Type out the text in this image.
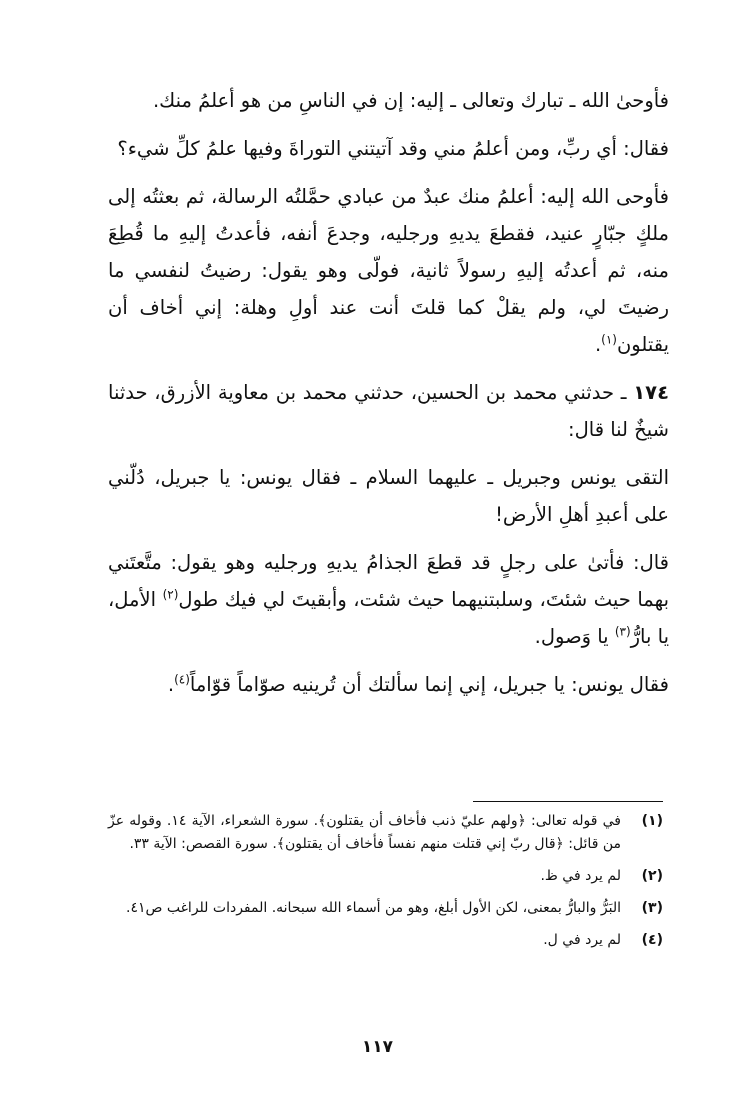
فأوحىٰ الله ـ تبارك وتعالى ـ إليه: إن في الناسِ من هو أعلمُ منك.

فقال: أي ربِّ، ومن أعلمُ مني وقد آتيتني التوراةَ وفيها علمُ كلِّ شيء؟

فأوحى الله إليه: أعلمُ منك عبدٌ من عبادي حمَّلتُه الرسالة، ثم بعثتُه إلى ملكٍ جبّارٍ عنيد، فقطعَ يديهِ ورجليه، وجدعَ أنفه، فأعدتُ إليهِ ما قُطِعَ منه، ثم أعدتُه إليهِ رسولاً ثانية، فولّى وهو يقول: رضيتُ لنفسي ما رضيتَ لي، ولم يقلْ كما قلتَ أنت عند أولِ وهلة: إني أخاف أن يقتلون$^{(١)}$.

١٧٤ ـ حدثني محمد بن الحسين، حدثني محمد بن معاوية الأزرق، حدثنا شيخٌ لنا قال:

التقى يونس وجبريل ـ عليهما السلام ـ فقال يونس: يا جبريل، دُلّني على أعبدِ أهلِ الأرض!

قال: فأتىٰ على رجلٍ قد قطعَ الجذامُ يديهِ ورجليه وهو يقول: متَّعتَني بهما حيث شئتَ، وسلبتنيهما حيث شئت، وأبقيتَ لي فيك طول$^{(٢)}$ الأمل، يا بارُّ$^{(٣)}$ يا وَصول.

فقال يونس: يا جبريل، إني إنما سألتك أن تُرينيه صوّاماً قوّاماً$^{(٤)}$.

(١)
في قوله تعالى: ﴿ولهم عليّ ذنب فأخاف أن يقتلون﴾. سورة الشعراء، الآية ١٤. وقوله عزّ من قائل: ﴿قال ربّ إني قتلت منهم نفساً فأخاف أن يقتلون﴾. سورة القصص: الآية ٣٣.
(٢)
لم يرد في ظ.
(٣)
البَرُّ والبارُّ بمعنى، لكن الأول أبلغ، وهو من أسماء الله سبحانه. المفردات للراغب ص٤١.
(٤)
لم يرد في ل.
١١٧
